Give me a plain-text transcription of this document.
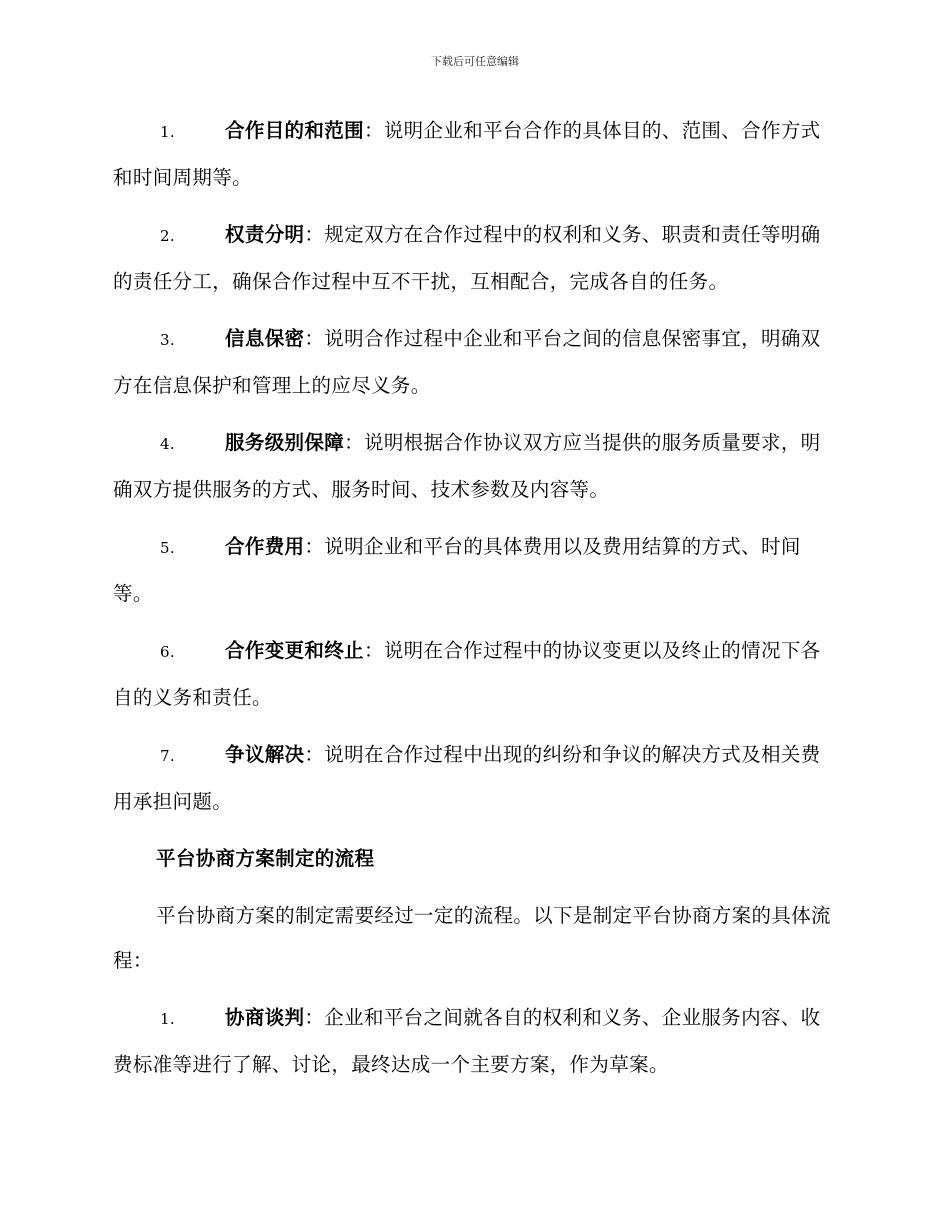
下载后可任意编辑

1.	合作目的和范围：说明企业和平台合作的具体目的、范围、合作方式和时间周期等。

2.	权责分明：规定双方在合作过程中的权利和义务、职责和责任等明确的责任分工，确保合作过程中互不干扰，互相配合，完成各自的任务。

3.	信息保密：说明合作过程中企业和平台之间的信息保密事宜，明确双方在信息保护和管理上的应尽义务。

4.	服务级别保障：说明根据合作协议双方应当提供的服务质量要求，明确双方提供服务的方式、服务时间、技术参数及内容等。

5.	合作费用：说明企业和平台的具体费用以及费用结算的方式、时间等。

6.	合作变更和终止：说明在合作过程中的协议变更以及终止的情况下各自的义务和责任。

7.	争议解决：说明在合作过程中出现的纠纷和争议的解决方式及相关费用承担问题。

平台协商方案制定的流程

平台协商方案的制定需要经过一定的流程。以下是制定平台协商方案的具体流程：

1.	协商谈判：企业和平台之间就各自的权利和义务、企业服务内容、收费标准等进行了解、讨论，最终达成一个主要方案，作为草案。
